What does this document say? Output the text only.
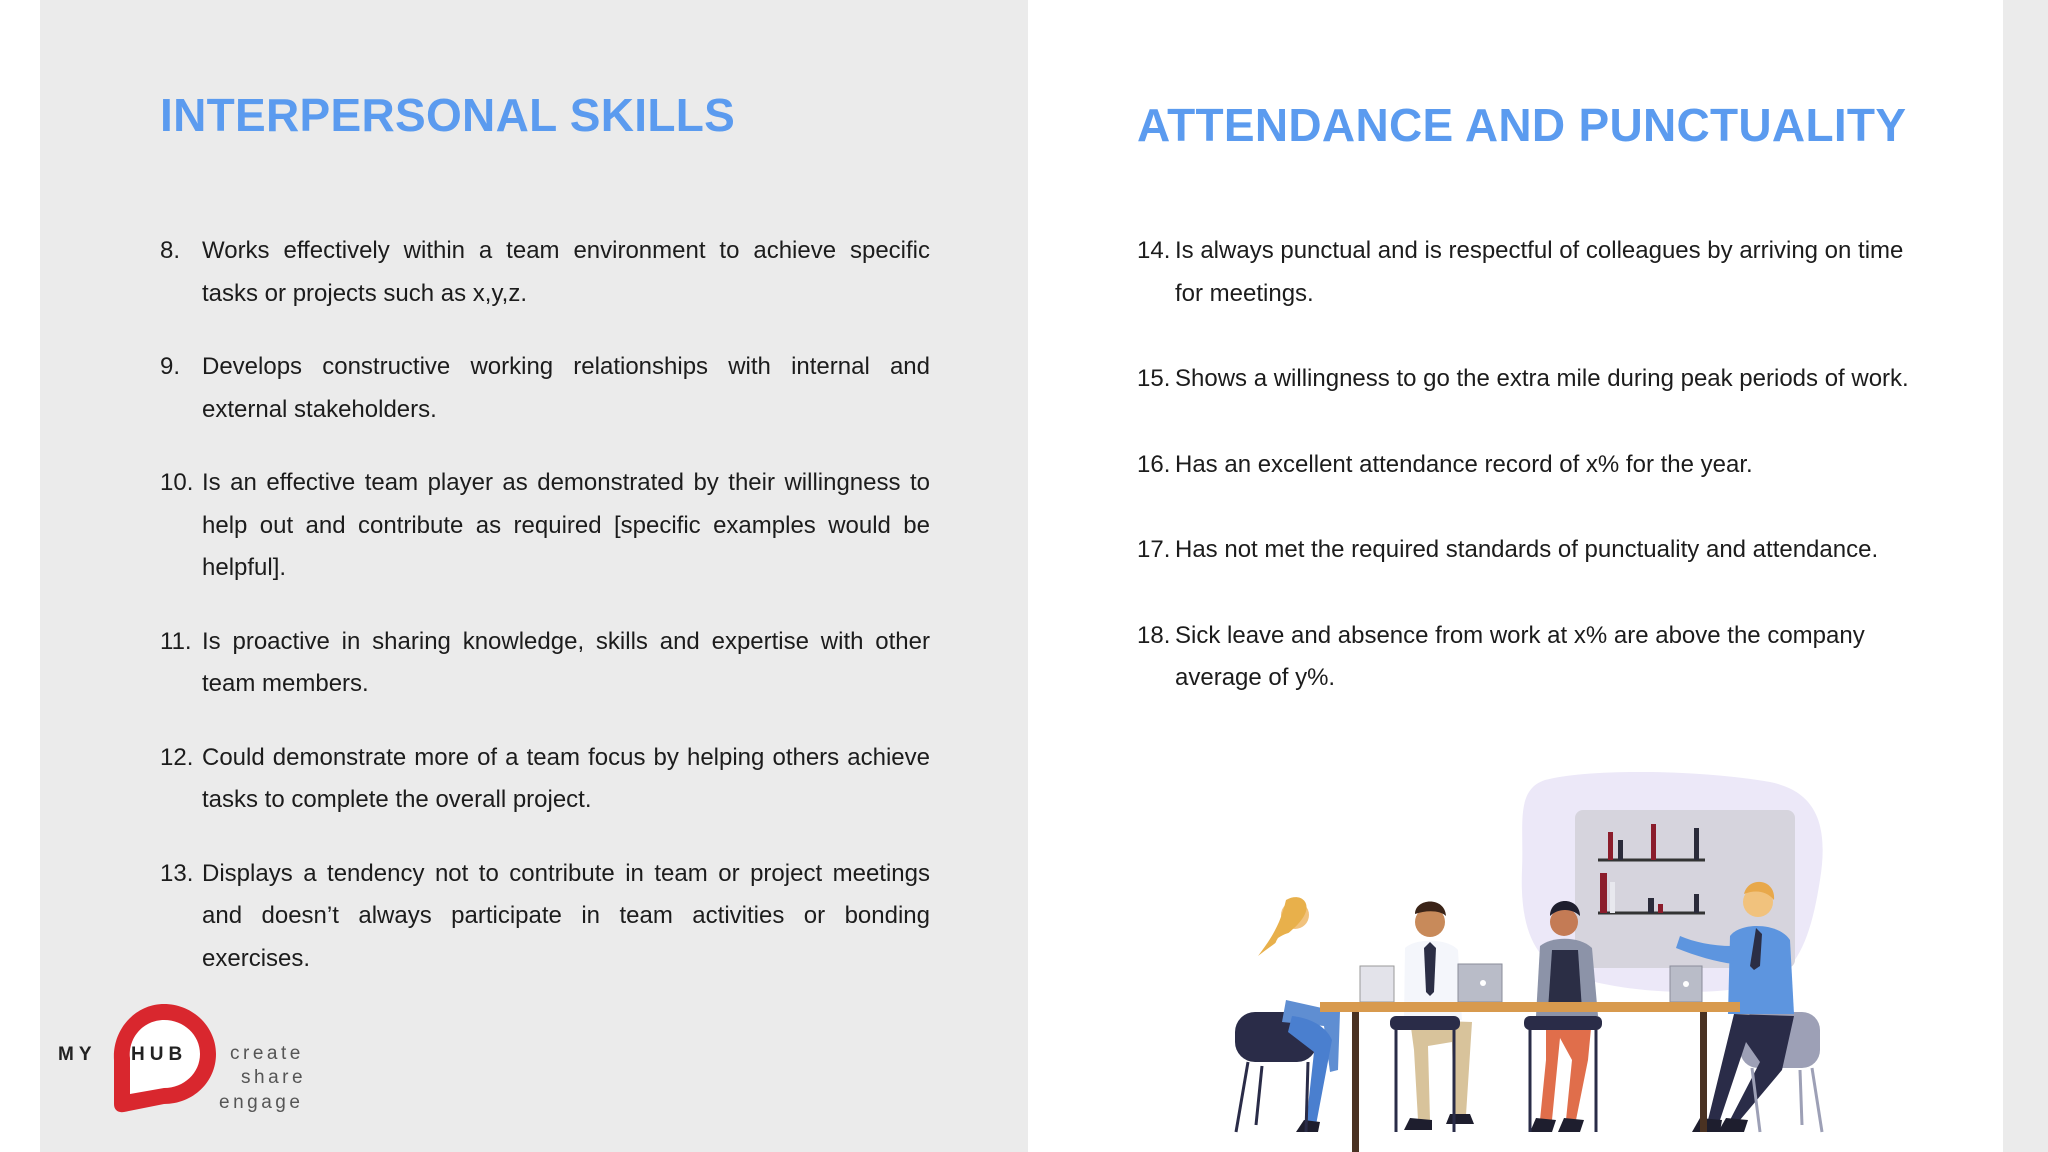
ATTENDANCE AND PUNCTUALITY
14. Is always punctual and is respectful of colleagues by arriving on time for meetings.
15. Shows a willingness to go the extra mile during peak periods of work.
16. Has an excellent attendance record of x% for the year.
17. Has not met the required standards of punctuality and attendance.
18. Sick leave and absence from work at x% are above the company average of y%.
INTERPERSONAL SKILLS
8. Works effectively within a team environment to achieve specific tasks or projects such as x,y,z.
9. Develops constructive working relationships with internal and external stakeholders.
10. Is an effective team player as demonstrated by their willingness to help out and contribute as required [specific examples would be helpful].
11. Is proactive in sharing knowledge, skills and expertise with other team members.
12. Could demonstrate more of a team focus by helping others achieve tasks to complete the overall project.
13. Displays a tendency not to contribute in team or project meetings and doesn’t always participate in team activities or bonding exercises.
MY HUB create
share
engage
